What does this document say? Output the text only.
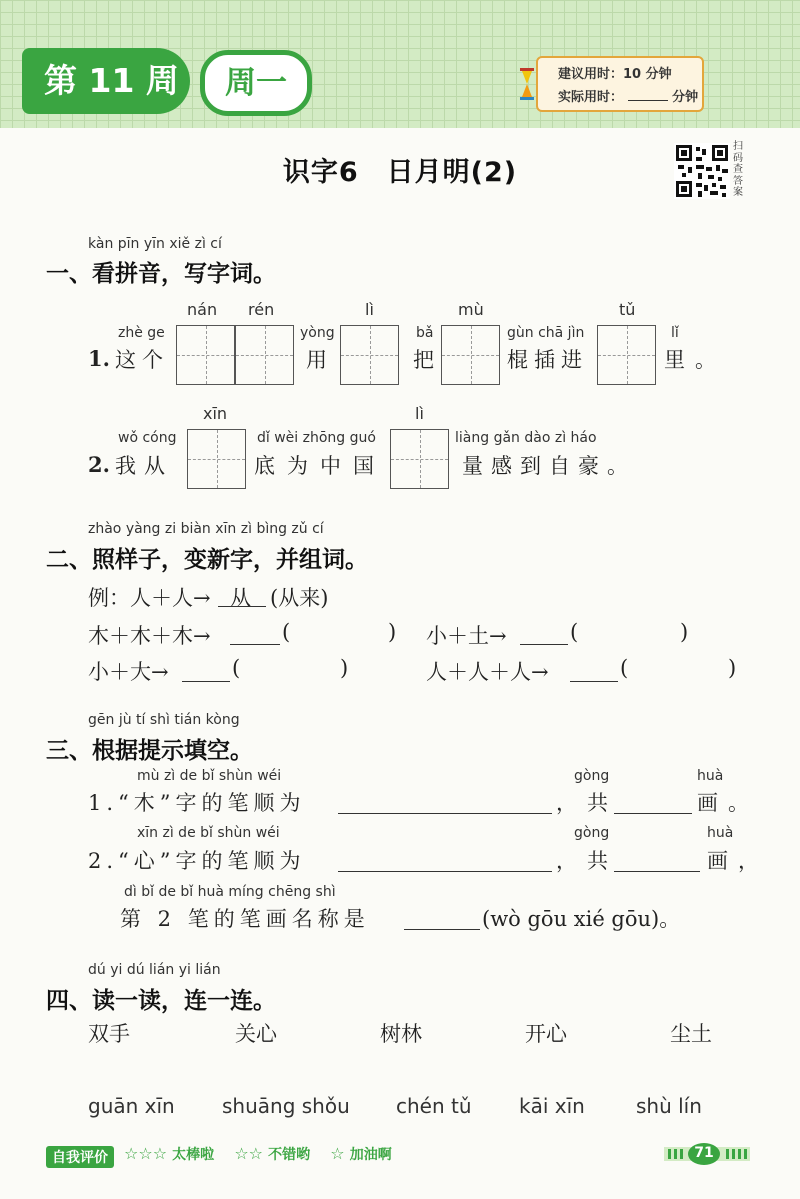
第 11 周	周一	建议用时：10 分钟
实际用时：	分钟
扫码查答案
识字6　日月明(2)
kàn pīn yīn xiě zì cí
一、看拼音，写字词。
1.
zhè ge
这个
nán rén
yòng
用
lì
bǎ
把
mù
gùn chā jìn
棍插进
tǔ
lǐ
里。
2.
wǒ cóng
我从
xīn
dǐ wèi zhōng guó
底为中国
lì
liàng gǎn dào zì háo
量感到自豪。
zhào yàng zi biàn xīn zì bìng zǔ cí
二、照样子，变新字，并组词。
例：人＋人→ 从 (从来)
木＋木＋木→	(	) 小＋土→	(	)
小＋大→	(	)	人＋人＋人→	(	)
gēn jù tí shì tián kòng
三、根据提示填空。
mù zì de bǐ shùn wéi
1.“木”字的笔顺为
gòng
，共
huà
画。
xīn zì de bǐ shùn wéi
2.“心”字的笔顺为
gòng
，共
huà
画，
dì bǐ de bǐ huà míng chēng shì
第 2 笔的笔画名称是	(wò gōu xié gōu)。
dú yi dú lián yi lián
四、读一读，连一连。
双手	关心	树林	开心	尘土
guān xīn shuāng shǒu chén tǔ kāi xīn	shù lín
自我评价	☆☆☆ 太棒啦 ☆☆ 不错哟 ☆ 加油啊	71
